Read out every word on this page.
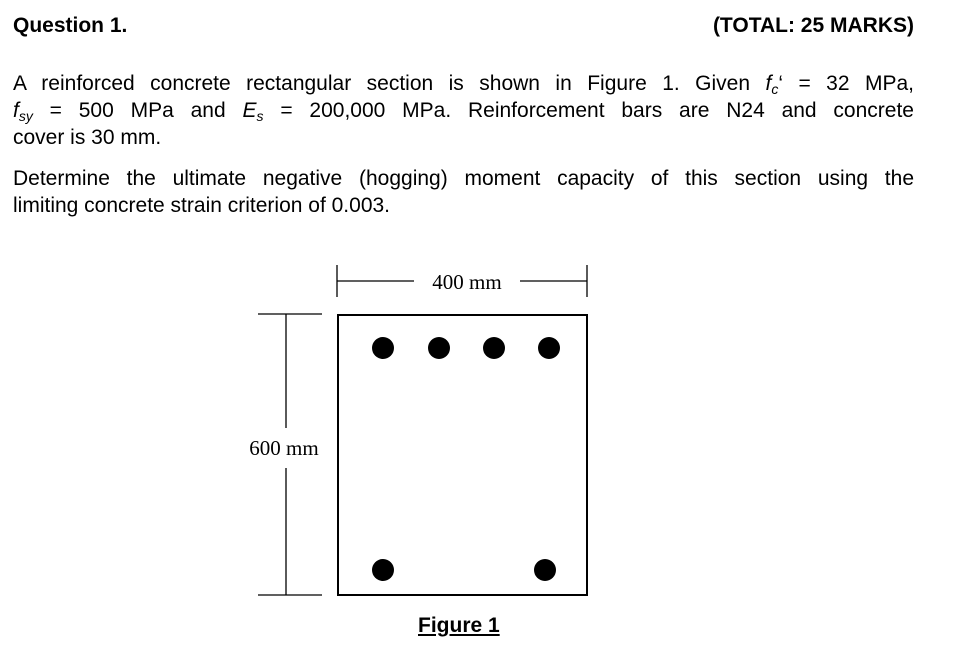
Question 1.	(TOTAL: 25 MARKS)

A reinforced concrete rectangular section is shown in Figure 1. Given $f_c‘ = 32$ MPa,
$f_{sy} = 500$ MPa and $E_s = 200,000$ MPa. Reinforcement bars are N24 and concrete
cover is 30 mm.
Determine the ultimate negative (hogging) moment capacity of this section using the
limiting concrete strain criterion of 0.003.
400 mm
600 mm

Figure 1
